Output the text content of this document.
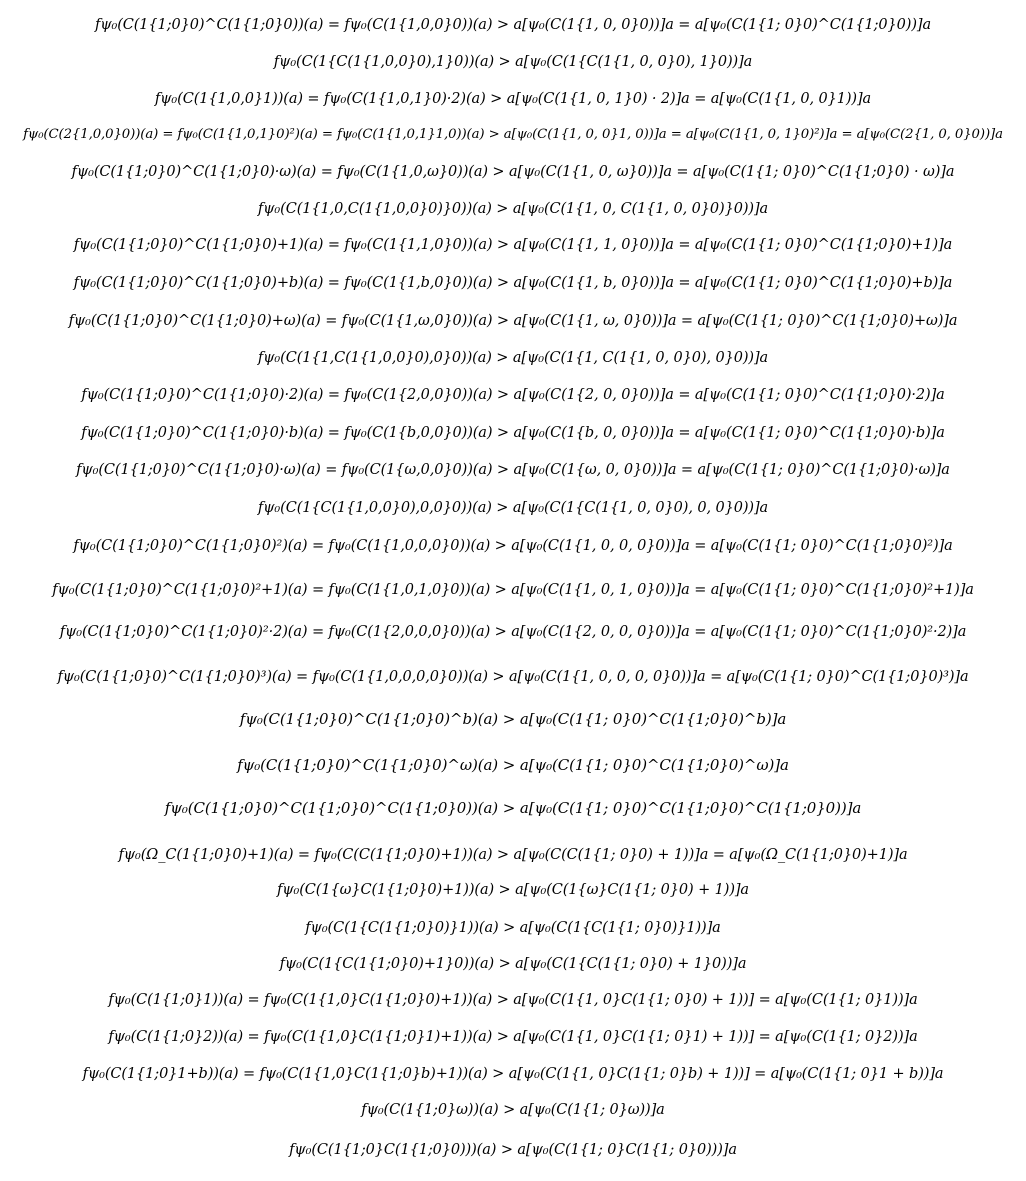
fψ₀(C(1{1;0}0)^C(1{1;0}0))(a) = fψ₀(C(1{1,0,0}0))(a) > a[ψ₀(C(1{1, 0, 0}0))]a = a[ψ₀(C(1{1; 0}0)^C(1{1;0}0))]a
fψ₀(C(1{C(1{1,0,0}0),1}0))(a) > a[ψ₀(C(1{C(1{1, 0, 0}0), 1}0))]a
fψ₀(C(1{1,0,0}1))(a) = fψ₀(C(1{1,0,1}0)·2)(a) > a[ψ₀(C(1{1, 0, 1}0) · 2)]a = a[ψ₀(C(1{1, 0, 0}1))]a
fψ₀(C(2{1,0,0}0))(a) = fψ₀(C(1{1,0,1}0)²)(a) = fψ₀(C(1{1,0,1}1,0))(a) > a[ψ₀(C(1{1, 0, 0}1, 0))]a = a[ψ₀(C(1{1, 0, 1}0)²)]a = a[ψ₀(C(2{1, 0, 0}0))]a
fψ₀(C(1{1;0}0)^C(1{1;0}0)·ω)(a) = fψ₀(C(1{1,0,ω}0))(a) > a[ψ₀(C(1{1, 0, ω}0))]a = a[ψ₀(C(1{1; 0}0)^C(1{1;0}0) · ω)]a
fψ₀(C(1{1,0,C(1{1,0,0}0)}0))(a) > a[ψ₀(C(1{1, 0, C(1{1, 0, 0}0)}0))]a
fψ₀(C(1{1;0}0)^C(1{1;0}0)+1)(a) = fψ₀(C(1{1,1,0}0))(a) > a[ψ₀(C(1{1, 1, 0}0))]a = a[ψ₀(C(1{1; 0}0)^C(1{1;0}0)+1)]a
fψ₀(C(1{1;0}0)^C(1{1;0}0)+b)(a) = fψ₀(C(1{1,b,0}0))(a) > a[ψ₀(C(1{1, b, 0}0))]a = a[ψ₀(C(1{1; 0}0)^C(1{1;0}0)+b)]a
fψ₀(C(1{1;0}0)^C(1{1;0}0)+ω)(a) = fψ₀(C(1{1,ω,0}0))(a) > a[ψ₀(C(1{1, ω, 0}0))]a = a[ψ₀(C(1{1; 0}0)^C(1{1;0}0)+ω)]a
fψ₀(C(1{1,C(1{1,0,0}0),0}0))(a) > a[ψ₀(C(1{1, C(1{1, 0, 0}0), 0}0))]a
fψ₀(C(1{1;0}0)^C(1{1;0}0)·2)(a) = fψ₀(C(1{2,0,0}0))(a) > a[ψ₀(C(1{2, 0, 0}0))]a = a[ψ₀(C(1{1; 0}0)^C(1{1;0}0)·2)]a
fψ₀(C(1{1;0}0)^C(1{1;0}0)·b)(a) = fψ₀(C(1{b,0,0}0))(a) > a[ψ₀(C(1{b, 0, 0}0))]a = a[ψ₀(C(1{1; 0}0)^C(1{1;0}0)·b)]a
fψ₀(C(1{1;0}0)^C(1{1;0}0)·ω)(a) = fψ₀(C(1{ω,0,0}0))(a) > a[ψ₀(C(1{ω, 0, 0}0))]a = a[ψ₀(C(1{1; 0}0)^C(1{1;0}0)·ω)]a
fψ₀(C(1{C(1{1,0,0}0),0,0}0))(a) > a[ψ₀(C(1{C(1{1, 0, 0}0), 0, 0}0))]a
fψ₀(C(1{1;0}0)^C(1{1;0}0)²)(a) = fψ₀(C(1{1,0,0,0}0))(a) > a[ψ₀(C(1{1, 0, 0, 0}0))]a = a[ψ₀(C(1{1; 0}0)^C(1{1;0}0)²)]a
fψ₀(C(1{1;0}0)^C(1{1;0}0)²+1)(a) = fψ₀(C(1{1,0,1,0}0))(a) > a[ψ₀(C(1{1, 0, 1, 0}0))]a = a[ψ₀(C(1{1; 0}0)^C(1{1;0}0)²+1)]a
fψ₀(C(1{1;0}0)^C(1{1;0}0)²·2)(a) = fψ₀(C(1{2,0,0,0}0))(a) > a[ψ₀(C(1{2, 0, 0, 0}0))]a = a[ψ₀(C(1{1; 0}0)^C(1{1;0}0)²·2)]a
fψ₀(C(1{1;0}0)^C(1{1;0}0)³)(a) = fψ₀(C(1{1,0,0,0,0}0))(a) > a[ψ₀(C(1{1, 0, 0, 0, 0}0))]a = a[ψ₀(C(1{1; 0}0)^C(1{1;0}0)³)]a
fψ₀(C(1{1;0}0)^C(1{1;0}0)^b)(a) > a[ψ₀(C(1{1; 0}0)^C(1{1;0}0)^b)]a
fψ₀(C(1{1;0}0)^C(1{1;0}0)^ω)(a) > a[ψ₀(C(1{1; 0}0)^C(1{1;0}0)^ω)]a
fψ₀(C(1{1;0}0)^C(1{1;0}0)^C(1{1;0}0))(a) > a[ψ₀(C(1{1; 0}0)^C(1{1;0}0)^C(1{1;0}0))]a
fψ₀(Ω_C(1{1;0}0)+1)(a) = fψ₀(C(C(1{1;0}0)+1))(a) > a[ψ₀(C(C(1{1; 0}0) + 1))]a = a[ψ₀(Ω_C(1{1;0}0)+1)]a
fψ₀(C(1{ω}C(1{1;0}0)+1))(a) > a[ψ₀(C(1{ω}C(1{1; 0}0) + 1))]a
fψ₀(C(1{C(1{1;0}0)}1))(a) > a[ψ₀(C(1{C(1{1; 0}0)}1))]a
fψ₀(C(1{C(1{1;0}0)+1}0))(a) > a[ψ₀(C(1{C(1{1; 0}0) + 1}0))]a
fψ₀(C(1{1;0}1))(a) = fψ₀(C(1{1,0}C(1{1;0}0)+1))(a) > a[ψ₀(C(1{1, 0}C(1{1; 0}0) + 1))] = a[ψ₀(C(1{1; 0}1))]a
fψ₀(C(1{1;0}2))(a) = fψ₀(C(1{1,0}C(1{1;0}1)+1))(a) > a[ψ₀(C(1{1, 0}C(1{1; 0}1) + 1))] = a[ψ₀(C(1{1; 0}2))]a
fψ₀(C(1{1;0}1+b))(a) = fψ₀(C(1{1,0}C(1{1;0}b)+1))(a) > a[ψ₀(C(1{1, 0}C(1{1; 0}b) + 1))] = a[ψ₀(C(1{1; 0}1 + b))]a
fψ₀(C(1{1;0}ω))(a) > a[ψ₀(C(1{1; 0}ω))]a
fψ₀(C(1{1;0}C(1{1;0}0)))(a) > a[ψ₀(C(1{1; 0}C(1{1; 0}0)))]a
